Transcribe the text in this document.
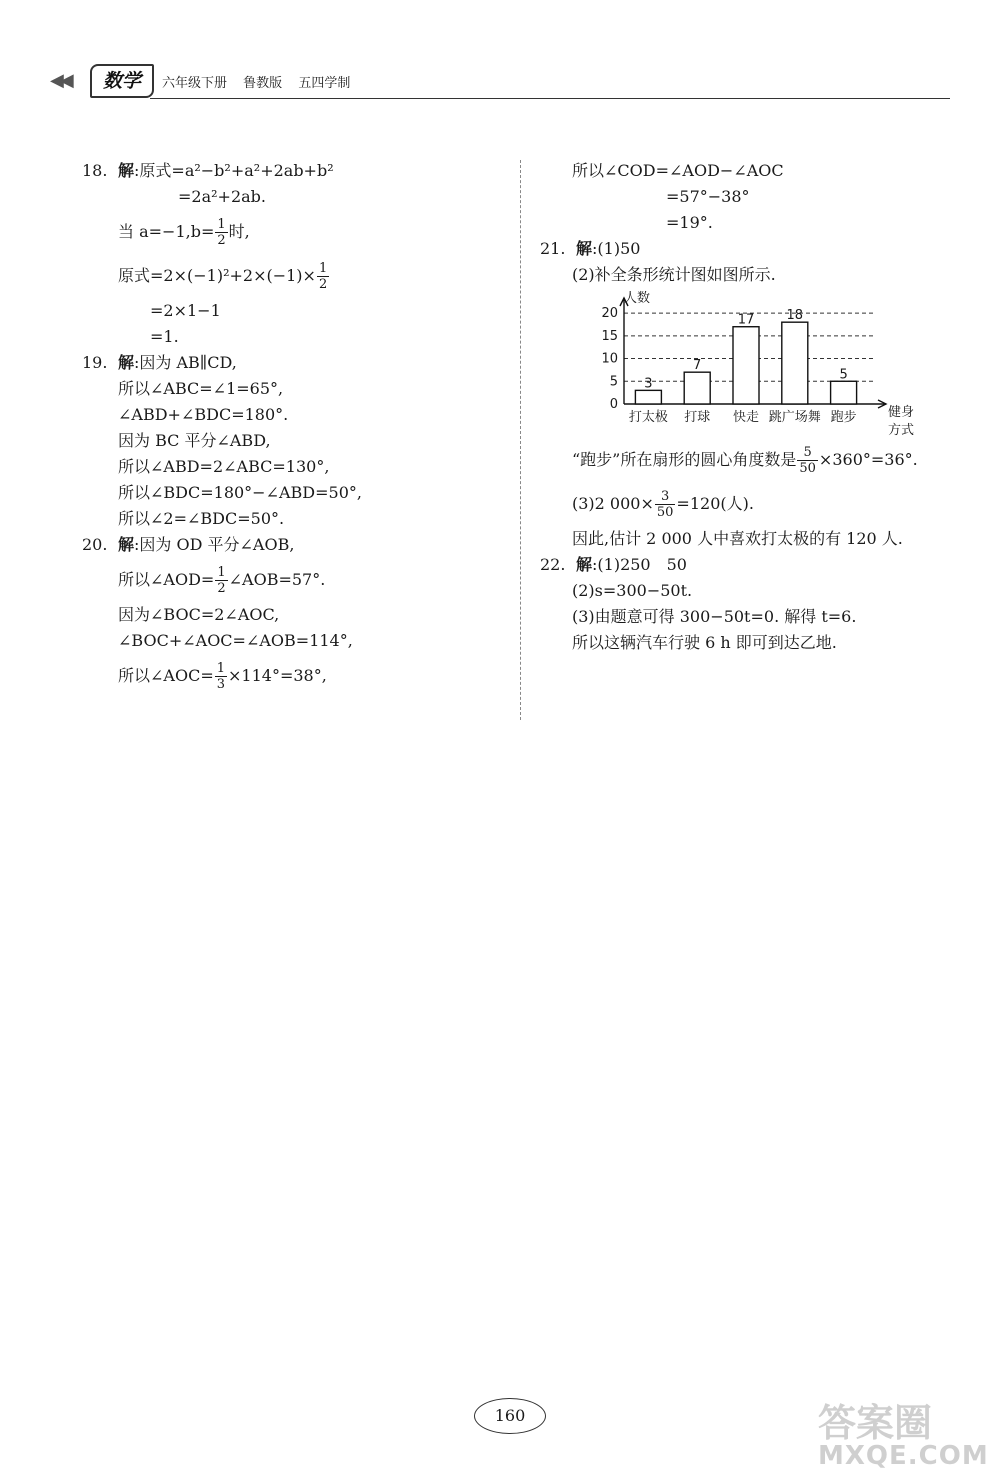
◀◀	数学	六年级下册 鲁教版 五四学制
18. 解:原式=a²−b²+a²+2ab+b²
=2a²+2ab.
当 $a=-1,b= \frac{1}{2}$ 时,
原式$=2\times(-1)^2+2\times(-1)\times \frac{1}{2}$
=2×1−1
=1.
19. 解:因为 AB∥CD,
所以∠ABC=∠1=65°,
∠ABD+∠BDC=180°.
因为 BC 平分∠ABD,
所以∠ABD=2∠ABC=130°,
所以∠BDC=180°−∠ABD=50°,
所以∠2=∠BDC=50°.
20. 解:因为 OD 平分∠AOB,
所以∠AOD= $\frac{1}{2}$ ∠AOB=57°.
因为∠BOC=2∠AOC,
∠BOC+∠AOC=∠AOB=114°,
所以∠AOC= $\frac{1}{3} \times 114^\circ=38^\circ$,
所以∠COD=∠AOD−∠AOC
=57°−38°
=19°.
21. 解:(1)50
(2)补全条形统计图如图所示.
人数
健身
方式
0
5
10
15
20
3
打太极
7
打球
17
快走
18
跳广场舞
5
跑步
“跑步”所在扇形的圆心角度数是 $\frac{5}{50} \times 360^\circ=36^\circ$.
(3)2 $000\times \frac{3}{50} =120$(人).
因此,估计 2 000 人中喜欢打太极的有 120 人.
22. 解:(1)250　50
(2)s=300−50t.
(3)由题意可得 300−50t=0. 解得 t=6.
所以这辆汽车行驶 6 h 即可到达乙地.
160	答案圈
MXQE.COM
